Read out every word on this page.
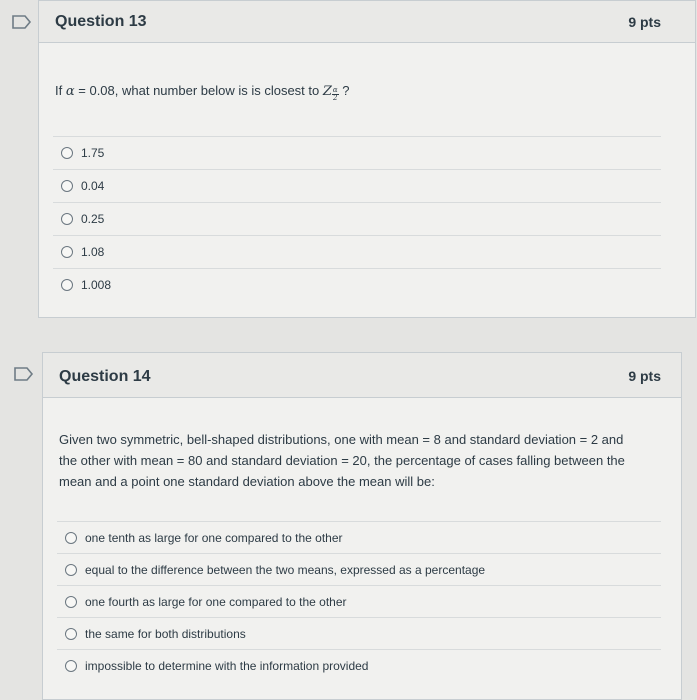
Question 13	9 pts
If α = 0.08, what number below is is closest to Z $\frac{\alpha}{2}$ ?
1.75
0.04
0.25
1.08
1.008
Question 14	9 pts
Given two symmetric, bell-shaped distributions, one with mean = 8 and standard deviation = 2 and
the other with mean = 80 and standard deviation = 20, the percentage of cases falling between the
mean and a point one standard deviation above the mean will be:
one tenth as large for one compared to the other
equal to the difference between the two means, expressed as a percentage
one fourth as large for one compared to the other
the same for both distributions
impossible to determine with the information provided
